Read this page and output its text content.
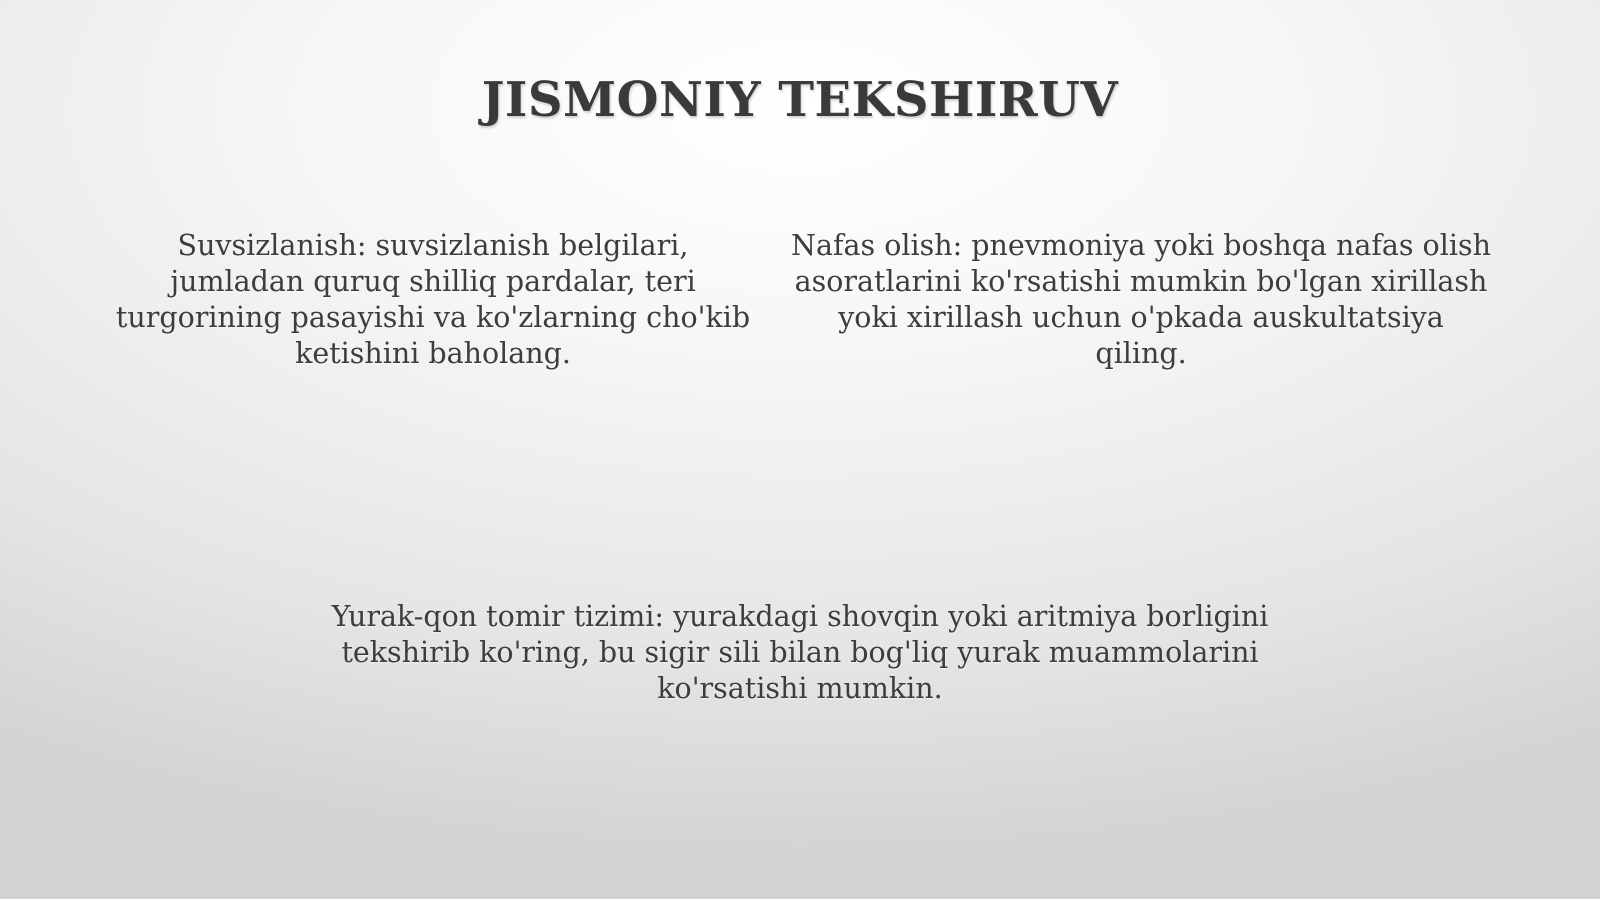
JISMONIY TEKSHIRUV

Suvsizlanish: suvsizlanish belgilari, jumladan quruq shilliq pardalar, teri turgorining pasayishi va ko'zlarning cho'kib ketishini baholang.

Nafas olish: pnevmoniya yoki boshqa nafas olish asoratlarini ko'rsatishi mumkin bo'lgan xirillash yoki xirillash uchun o'pkada auskultatsiya qiling.

Yurak-qon tomir tizimi: yurakdagi shovqin yoki aritmiya borligini tekshirib ko'ring, bu sigir sili bilan bog'liq yurak muammolarini ko'rsatishi mumkin.
